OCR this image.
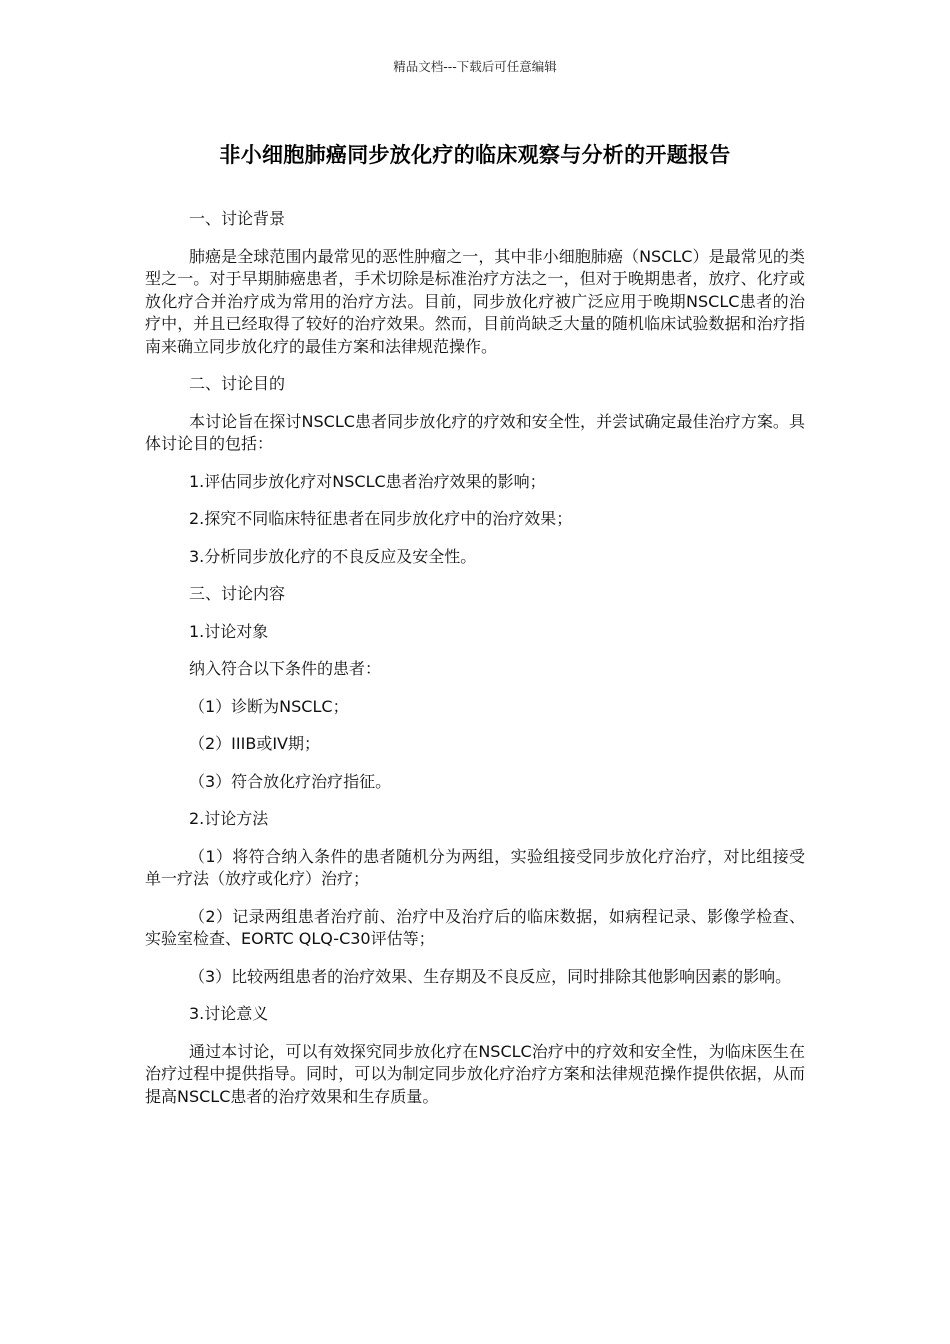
精品文档---下载后可任意编辑
非小细胞肺癌同步放化疗的临床观察与分析的开题报告

一、讨论背景

肺癌是全球范围内最常见的恶性肿瘤之一，其中非小细胞肺癌（NSCLC）是最常见的类型之一。对于早期肺癌患者，手术切除是标准治疗方法之一，但对于晚期患者，放疗、化疗或放化疗合并治疗成为常用的治疗方法。目前，同步放化疗被广泛应用于晚期NSCLC患者的治疗中，并且已经取得了较好的治疗效果。然而，目前尚缺乏大量的随机临床试验数据和治疗指南来确立同步放化疗的最佳方案和法律规范操作。

二、讨论目的

本讨论旨在探讨NSCLC患者同步放化疗的疗效和安全性，并尝试确定最佳治疗方案。具体讨论目的包括：

1.评估同步放化疗对NSCLC患者治疗效果的影响；

2.探究不同临床特征患者在同步放化疗中的治疗效果；

3.分析同步放化疗的不良反应及安全性。

三、讨论内容

1.讨论对象

纳入符合以下条件的患者：

（1）诊断为NSCLC；

（2）IIIB或IV期；

（3）符合放化疗治疗指征。

2.讨论方法

（1）将符合纳入条件的患者随机分为两组，实验组接受同步放化疗治疗，对比组接受单一疗法（放疗或化疗）治疗；

（2）记录两组患者治疗前、治疗中及治疗后的临床数据，如病程记录、影像学检查、实验室检查、EORTC QLQ-C30评估等；

（3）比较两组患者的治疗效果、生存期及不良反应，同时排除其他影响因素的影响。

3.讨论意义

通过本讨论，可以有效探究同步放化疗在NSCLC治疗中的疗效和安全性，为临床医生在治疗过程中提供指导。同时，可以为制定同步放化疗治疗方案和法律规范操作提供依据，从而提高NSCLC患者的治疗效果和生存质量。
